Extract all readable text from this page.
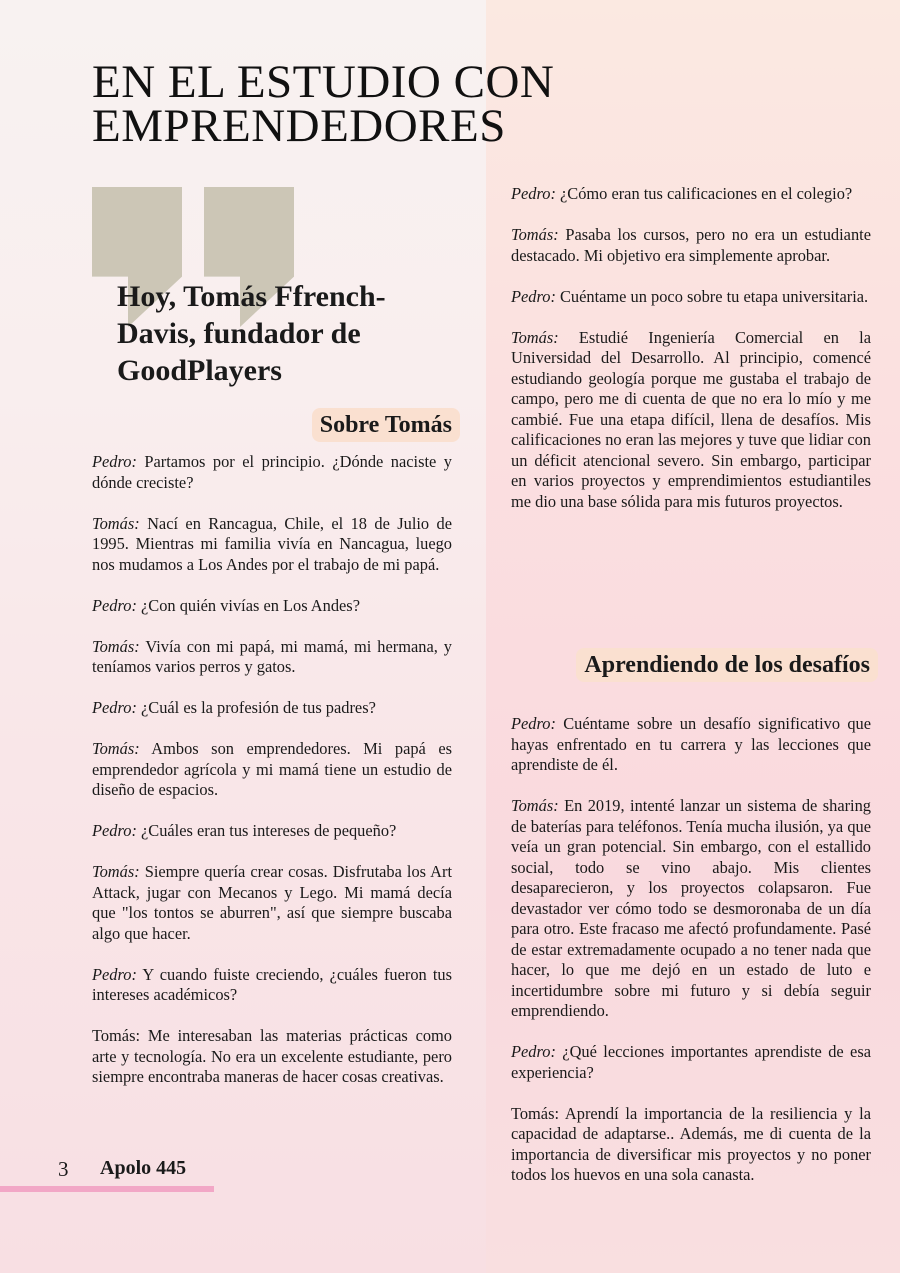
EN EL ESTUDIO CON EMPRENDEDORES
Hoy, Tomás Ffrench-Davis, fundador de GoodPlayers
Sobre Tomás

Pedro: Partamos por el principio. ¿Dónde naciste y dónde creciste?

Tomás: Nací en Rancagua, Chile, el 18 de Julio de 1995. Mientras mi familia vivía en Nancagua, luego nos mudamos a Los Andes por el trabajo de mi papá.

Pedro: ¿Con quién vivías en Los Andes?

Tomás: Vivía con mi papá, mi mamá, mi hermana, y teníamos varios perros y gatos.

Pedro: ¿Cuál es la profesión de tus padres?

Tomás: Ambos son emprendedores. Mi papá es emprendedor agrícola y mi mamá tiene un estudio de diseño de espacios.

Pedro: ¿Cuáles eran tus intereses de pequeño?

Tomás: Siempre quería crear cosas. Disfrutaba los Art Attack, jugar con Mecanos y Lego. Mi mamá decía que "los tontos se aburren", así que siempre buscaba algo que hacer.

Pedro: Y cuando fuiste creciendo, ¿cuáles fueron tus intereses académicos?

Tomás: Me interesaban las materias prácticas como arte y tecnología. No era un excelente estudiante, pero siempre encontraba maneras de hacer cosas creativas.

Pedro: ¿Cómo eran tus calificaciones en el colegio?

Tomás: Pasaba los cursos, pero no era un estudiante destacado. Mi objetivo era simplemente aprobar.

Pedro: Cuéntame un poco sobre tu etapa universitaria.

Tomás: Estudié Ingeniería Comercial en la Universidad del Desarrollo. Al principio, comencé estudiando geología porque me gustaba el trabajo de campo, pero me di cuenta de que no era lo mío y me cambié. Fue una etapa difícil, llena de desafíos. Mis calificaciones no eran las mejores y tuve que lidiar con un déficit atencional severo. Sin embargo, participar en varios proyectos y emprendimientos estudiantiles me dio una base sólida para mis futuros proyectos.

Aprendiendo de los desafíos

Pedro: Cuéntame sobre un desafío significativo que hayas enfrentado en tu carrera y las lecciones que aprendiste de él.

Tomás: En 2019, intenté lanzar un sistema de sharing de baterías para teléfonos. Tenía mucha ilusión, ya que veía un gran potencial. Sin embargo, con el estallido social, todo se vino abajo. Mis clientes desaparecieron, y los proyectos colapsaron. Fue devastador ver cómo todo se desmoronaba de un día para otro. Este fracaso me afectó profundamente. Pasé de estar extremadamente ocupado a no tener nada que hacer, lo que me dejó en un estado de luto e incertidumbre sobre mi futuro y si debía seguir emprendiendo.

Pedro: ¿Qué lecciones importantes aprendiste de esa experiencia?

Tomás: Aprendí la importancia de la resiliencia y la capacidad de adaptarse.. Además, me di cuenta de la importancia de diversificar mis proyectos y no poner todos los huevos en una sola canasta.

3 Apolo 445
